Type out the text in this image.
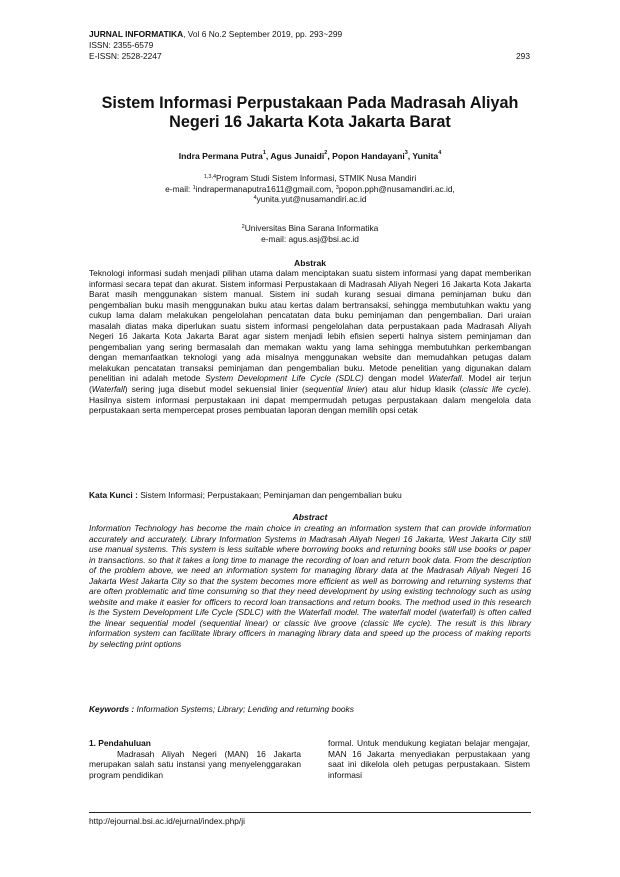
JURNAL INFORMATIKA, Vol 6 No.2 September 2019, pp. 293~299
ISSN: 2355-6579
E-ISSN: 2528-2247	293
Sistem Informasi Perpustakaan Pada Madrasah Aliyah
Negeri 16 Jakarta Kota Jakarta Barat
Indra Permana Putra$^1$, Agus Junaidi$^2$, Popon Handayani$^3$, Yunita$^4$
$^{1,3,4}$Program Studi Sistem Informasi, STMIK Nusa Mandiri
e-mail: $^1$indrapermanaputra1611@gmail.com, $^3$popon.pph@nusamandiri.ac.id,
$^4$yunita.yut@nusamandiri.ac.id
$^2$Universitas Bina Sarana Informatika
e-mail: agus.asj@bsi.ac.id
Abstrak
Teknologi informasi sudah menjadi pilihan utama dalam menciptakan suatu sistem informasi yang dapat memberikan informasi secara tepat dan akurat. Sistem informasi Perpustakaan di Madrasah Aliyah Negeri 16 Jakarta Kota Jakarta Barat masih menggunakan sistem manual. Sistem ini sudah kurang sesuai dimana peminjaman buku dan pengembalian buku masih menggunakan buku atau kertas dalam bertransaksi, sehingga membutuhkan waktu yang cukup lama dalam melakukan pengelolahan pencatatan data buku peminjaman dan pengembalian. Dari uraian masalah diatas maka diperlukan suatu sistem informasi pengelolahan data perpustakaan pada Madrasah Aliyah Negeri 16 Jakarta Kota Jakarta Barat agar sistem menjadi lebih efisien seperti halnya sistem peminjaman dan pengembalian yang sering bermasalah dan memakan waktu yang lama sehingga membutuhkan perkembangan dengan memanfaatkan teknologi yang ada misalnya menggunakan website dan memudahkan petugas dalam melakukan pencatatan transaksi peminjaman dan pengembalian buku. Metode penelitian yang digunakan dalam penelitian ini adalah metode System Development Life Cycle (SDLC) dengan model Waterfall. Model air terjun (Waterfall) sering juga disebut model sekuensial linier (sequential linier) atau alur hidup klasik (classic life cycle). Hasilnya sistem informasi perpustakaan ini dapat mempermudah petugas perpustakaan dalam mengelola data perpustakaan serta mempercepat proses pembuatan laporan dengan memilih opsi cetak
Kata Kunci : Sistem Informasi; Perpustakaan; Peminjaman dan pengembalian buku
Abstract
Information Technology has become the main choice in creating an information system that can provide information accurately and accurately. Library Information Systems in Madrasah Aliyah Negeri 16 Jakarta, West Jakarta City still use manual systems. This system is less suitable where borrowing books and returning books still use books or paper in transactions. so that it takes a long time to manage the recording of loan and return book data. From the description of the problem above, we need an information system for managing library data at the Madrasah Aliyah Negeri 16 Jakarta West Jakarta City so that the system becomes more efficient as well as borrowing and returning systems that are often problematic and time consuming so that they need development by using existing technology such as using website and make it easier for officers to record loan transactions and return books. The method used in this research is the System Development Life Cycle (SDLC) with the Waterfall model. The waterfall model (waterfall) is often called the linear sequential model (sequential linear) or classic live groove (classic life cycle). The result is this library information system can facilitate library officers in managing library data and speed up the process of making reports by selecting print options
Keywords : Information Systems; Library; Lending and returning books
1. Pendahuluan
Madrasah Aliyah Negeri (MAN) 16 Jakarta merupakan salah satu instansi yang menyelenggarakan program pendidikan
formal. Untuk mendukung kegiatan belajar mengajar, MAN 16 Jakarta menyediakan perpustakaan yang saat ini dikelola oleh petugas perpustakaan. Sistem informasi
http://ejournal.bsi.ac.id/ejurnal/index.php/ji
